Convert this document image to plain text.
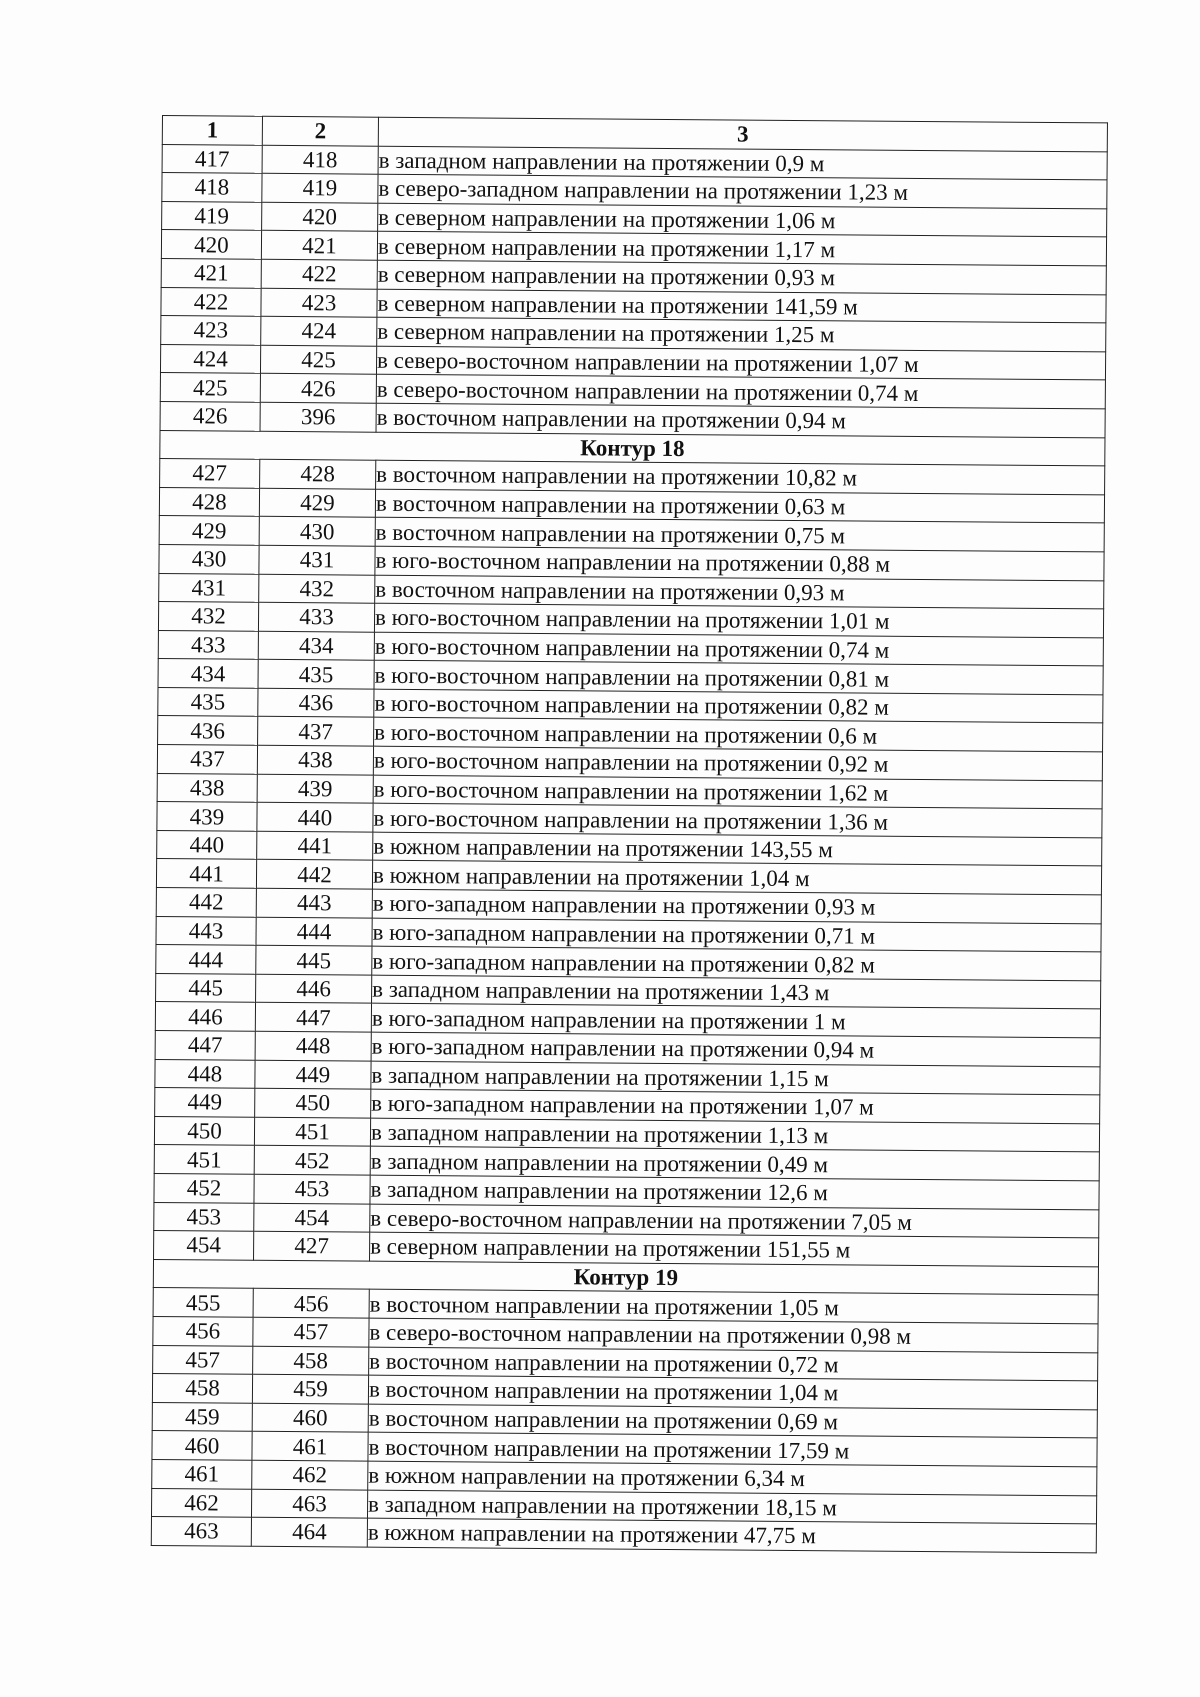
1	2	3
417	418	в западном направлении на протяжении 0,9 м
418	419	в северо-западном направлении на протяжении 1,23 м
419	420	в северном направлении на протяжении 1,06 м
420	421	в северном направлении на протяжении 1,17 м
421	422	в северном направлении на протяжении 0,93 м
422	423	в северном направлении на протяжении 141,59 м
423	424	в северном направлении на протяжении 1,25 м
424	425	в северо-восточном направлении на протяжении 1,07 м
425	426	в северо-восточном направлении на протяжении 0,74 м
426	396	в восточном направлении на протяжении 0,94 м
Контур 18		
427	428	в восточном направлении на протяжении 10,82 м
428	429	в восточном направлении на протяжении 0,63 м
429	430	в восточном направлении на протяжении 0,75 м
430	431	в юго-восточном направлении на протяжении 0,88 м
431	432	в восточном направлении на протяжении 0,93 м
432	433	в юго-восточном направлении на протяжении 1,01 м
433	434	в юго-восточном направлении на протяжении 0,74 м
434	435	в юго-восточном направлении на протяжении 0,81 м
435	436	в юго-восточном направлении на протяжении 0,82 м
436	437	в юго-восточном направлении на протяжении 0,6 м
437	438	в юго-восточном направлении на протяжении 0,92 м
438	439	в юго-восточном направлении на протяжении 1,62 м
439	440	в юго-восточном направлении на протяжении 1,36 м
440	441	в южном направлении на протяжении 143,55 м
441	442	в южном направлении на протяжении 1,04 м
442	443	в юго-западном направлении на протяжении 0,93 м
443	444	в юго-западном направлении на протяжении 0,71 м
444	445	в юго-западном направлении на протяжении 0,82 м
445	446	в западном направлении на протяжении 1,43 м
446	447	в юго-западном направлении на протяжении 1 м
447	448	в юго-западном направлении на протяжении 0,94 м
448	449	в западном направлении на протяжении 1,15 м
449	450	в юго-западном направлении на протяжении 1,07 м
450	451	в западном направлении на протяжении 1,13 м
451	452	в западном направлении на протяжении 0,49 м
452	453	в западном направлении на протяжении 12,6 м
453	454	в северо-восточном направлении на протяжении 7,05 м
454	427	в северном направлении на протяжении 151,55 м
Контур 19		
455	456	в восточном направлении на протяжении 1,05 м
456	457	в северо-восточном направлении на протяжении 0,98 м
457	458	в восточном направлении на протяжении 0,72 м
458	459	в восточном направлении на протяжении 1,04 м
459	460	в восточном направлении на протяжении 0,69 м
460	461	в восточном направлении на протяжении 17,59 м
461	462	в южном направлении на протяжении 6,34 м
462	463	в западном направлении на протяжении 18,15 м
463	464	в южном направлении на протяжении 47,75 м
